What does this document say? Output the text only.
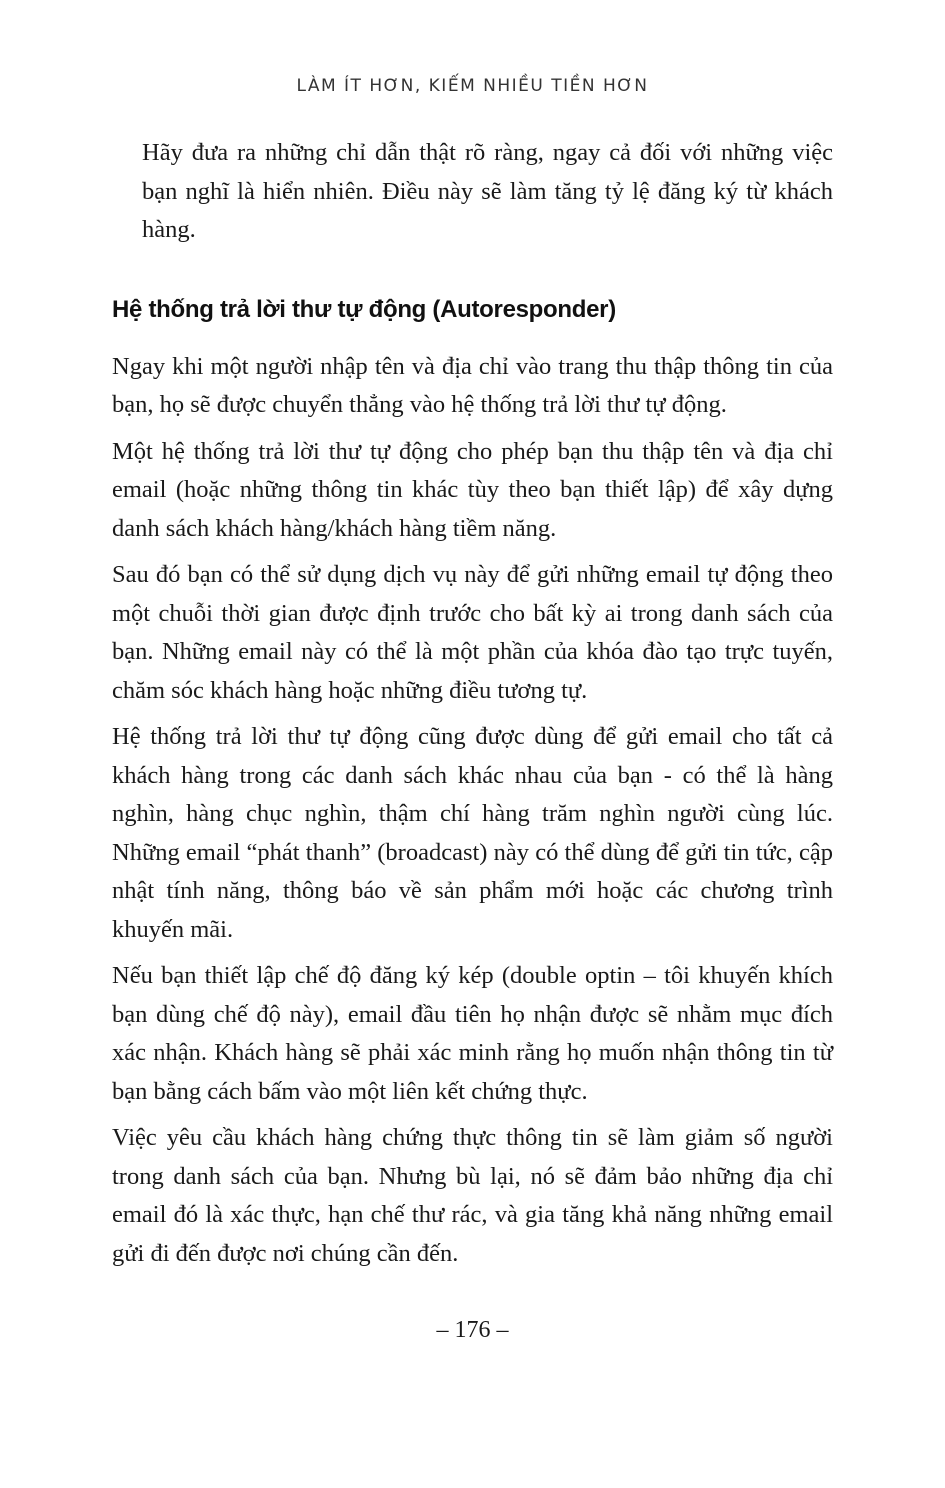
LÀM ÍT HƠN, KIẾM NHIỀU TIỀN HƠN

Hãy đưa ra những chỉ dẫn thật rõ ràng, ngay cả đối với những việc bạn nghĩ là hiển nhiên. Điều này sẽ làm tăng tỷ lệ đăng ký từ khách hàng.

Hệ thống trả lời thư tự động (Autoresponder)

Ngay khi một người nhập tên và địa chỉ vào trang thu thập thông tin của bạn, họ sẽ được chuyển thẳng vào hệ thống trả lời thư tự động.

Một hệ thống trả lời thư tự động cho phép bạn thu thập tên và địa chỉ email (hoặc những thông tin khác tùy theo bạn thiết lập) để xây dựng danh sách khách hàng/khách hàng tiềm năng.

Sau đó bạn có thể sử dụng dịch vụ này để gửi những email tự động theo một chuỗi thời gian được định trước cho bất kỳ ai trong danh sách của bạn. Những email này có thể là một phần của khóa đào tạo trực tuyến, chăm sóc khách hàng hoặc những điều tương tự.

Hệ thống trả lời thư tự động cũng được dùng để gửi email cho tất cả khách hàng trong các danh sách khác nhau của bạn - có thể là hàng nghìn, hàng chục nghìn, thậm chí hàng trăm nghìn người cùng lúc. Những email “phát thanh” (broadcast) này có thể dùng để gửi tin tức, cập nhật tính năng, thông báo về sản phẩm mới hoặc các chương trình khuyến mãi.

Nếu bạn thiết lập chế độ đăng ký kép (double optin – tôi khuyến khích bạn dùng chế độ này), email đầu tiên họ nhận được sẽ nhằm mục đích xác nhận. Khách hàng sẽ phải xác minh rằng họ muốn nhận thông tin từ bạn bằng cách bấm vào một liên kết chứng thực.

Việc yêu cầu khách hàng chứng thực thông tin sẽ làm giảm số người trong danh sách của bạn. Nhưng bù lại, nó sẽ đảm bảo những địa chỉ email đó là xác thực, hạn chế thư rác, và gia tăng khả năng những email gửi đi đến được nơi chúng cần đến.

– 176 –
